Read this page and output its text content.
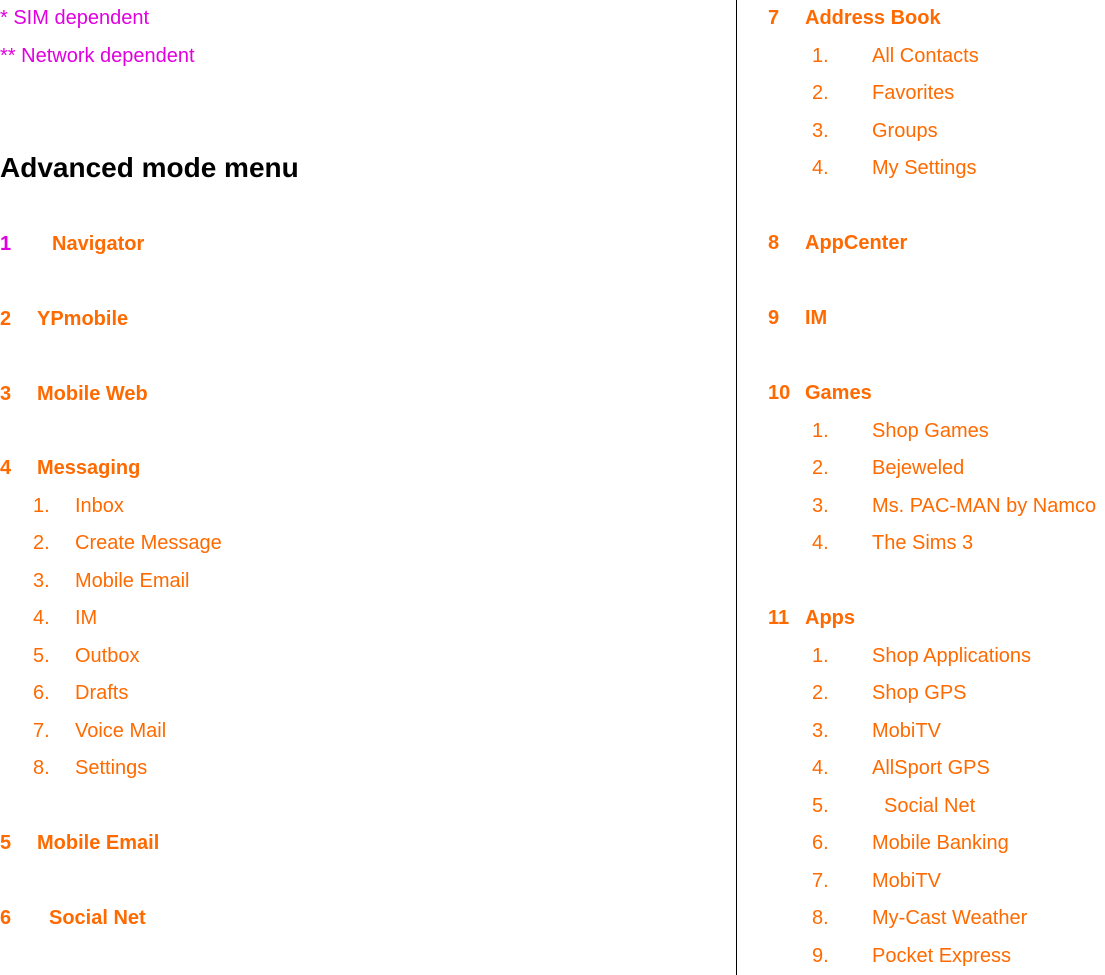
* SIM dependent
** Network dependent
Advanced mode menu
1 Navigator
2 YPmobile
3 Mobile Web
4 Messaging
1. Inbox
2. Create Message
3. Mobile Email
4. IM
5. Outbox
6. Drafts
7. Voice Mail
8. Settings
5 Mobile Email
6 Social Net
7 Address Book
1. All Contacts
2. Favorites
3. Groups
4. My Settings
8 AppCenter
9 IM
10 Games
1. Shop Games
2. Bejeweled
3. Ms. PAC-MAN by Namco
4. The Sims 3
11 Apps
1. Shop Applications
2. Shop GPS
3. MobiTV
4. AllSport GPS
5.	Social Net
6. Mobile Banking
7. MobiTV
8. My-Cast Weather
9. Pocket Express
